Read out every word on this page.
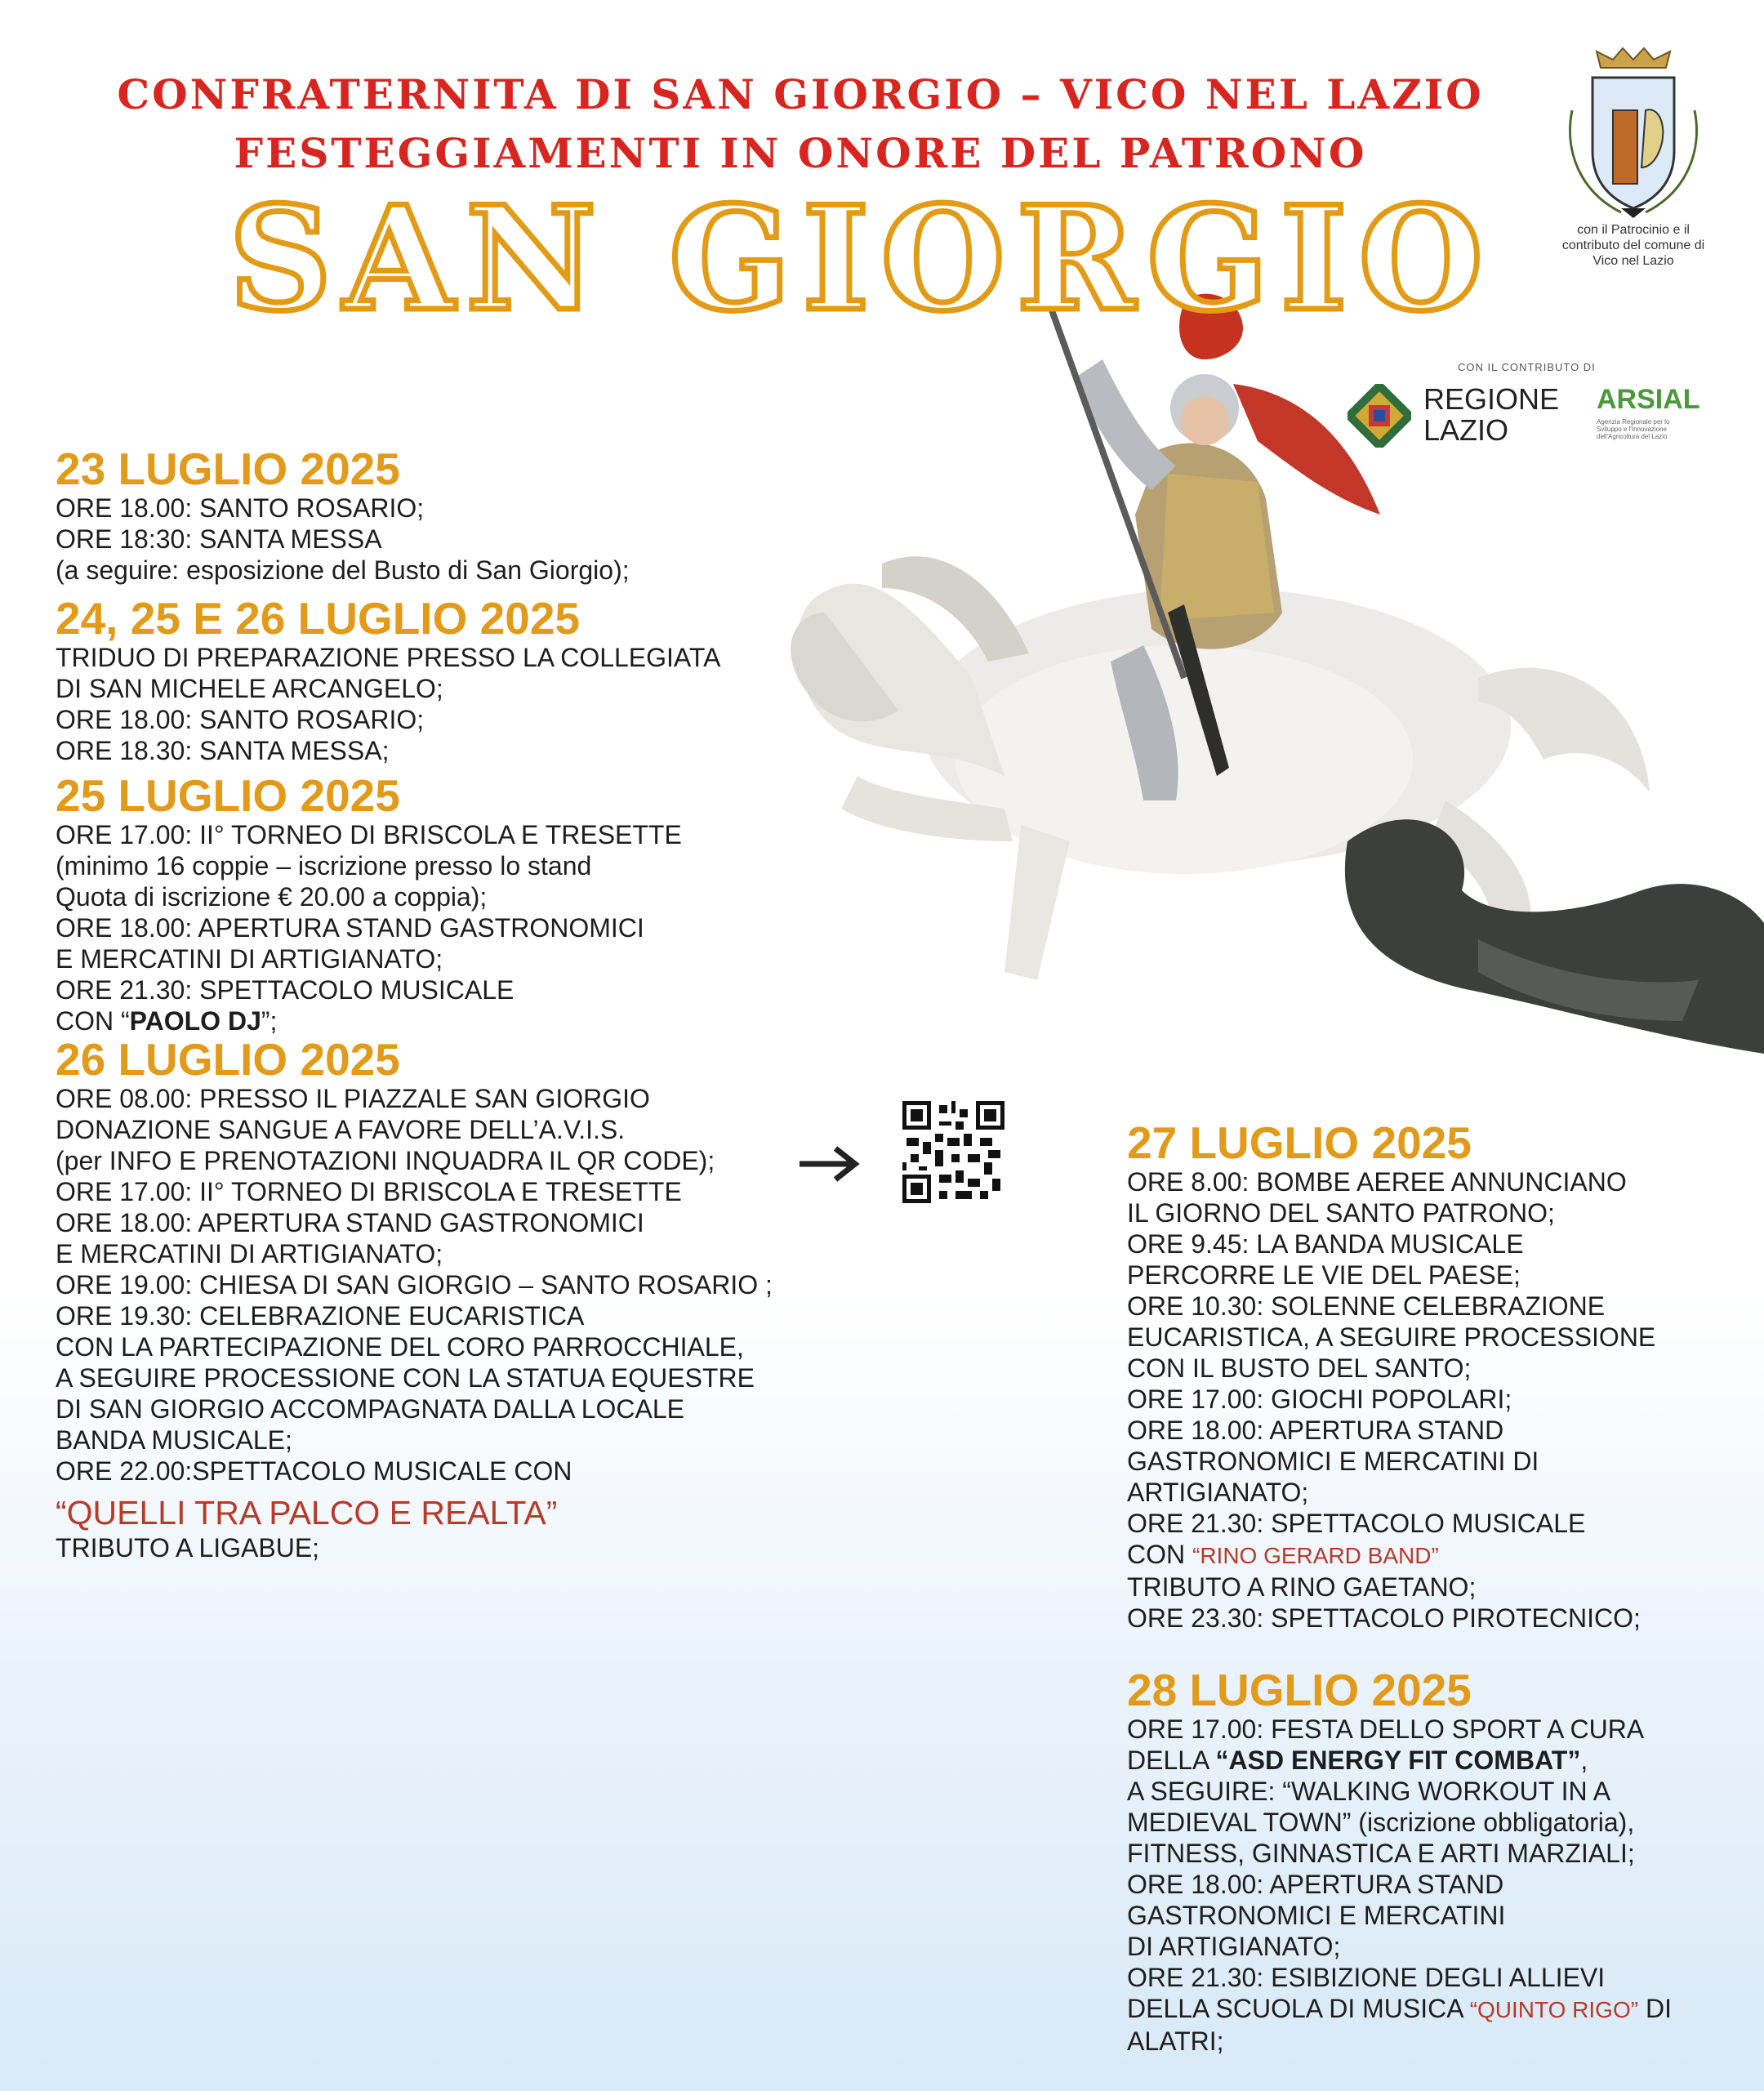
CONFRATERNITA DI SAN GIORGIO – VICO NEL LAZIO
FESTEGGIAMENTI IN ONORE DEL PATRONO
SAN GIORGIO	con il Patrocinio e il contributo del comune di Vico nel Lazio
CON IL CONTRIBUTO DI
REGIONE
LAZIO
ARSIAL
Agenzia Regionale per lo Sviluppo e l'Innovazione dell'Agricoltura del Lazio
23 LUGLIO 2025
ORE 18.00: SANTO ROSARIO;
ORE 18:30: SANTA MESSA
(a seguire: esposizione del Busto di San Giorgio);
24, 25 E 26 LUGLIO 2025
TRIDUO DI PREPARAZIONE PRESSO LA COLLEGIATA
DI SAN MICHELE ARCANGELO;
ORE 18.00: SANTO ROSARIO;
ORE 18.30: SANTA MESSA;
25 LUGLIO 2025
ORE 17.00: II° TORNEO DI BRISCOLA E TRESETTE
(minimo 16 coppie – iscrizione presso lo stand
Quota di iscrizione € 20.00 a coppia);
ORE 18.00: APERTURA STAND GASTRONOMICI
E MERCATINI DI ARTIGIANATO;
ORE 21.30: SPETTACOLO MUSICALE
CON “PAOLO DJ”;
26 LUGLIO 2025
ORE 08.00: PRESSO IL PIAZZALE SAN GIORGIO
DONAZIONE SANGUE A FAVORE DELL’A.V.I.S.
(per INFO E PRENOTAZIONI INQUADRA IL QR CODE);
ORE 17.00: II° TORNEO DI BRISCOLA E TRESETTE
ORE 18.00: APERTURA STAND GASTRONOMICI
E MERCATINI DI ARTIGIANATO;
ORE 19.00: CHIESA DI SAN GIORGIO – SANTO ROSARIO ;
ORE 19.30: CELEBRAZIONE EUCARISTICA
CON LA PARTECIPAZIONE DEL CORO PARROCCHIALE,
A SEGUIRE PROCESSIONE CON LA STATUA EQUESTRE
DI SAN GIORGIO ACCOMPAGNATA DALLA LOCALE
BANDA MUSICALE;
ORE 22.00:SPETTACOLO MUSICALE CON
“QUELLI TRA PALCO E REALTA”
TRIBUTO A LIGABUE;
27 LUGLIO 2025
ORE 8.00: BOMBE AEREE ANNUNCIANO
IL GIORNO DEL SANTO PATRONO;
ORE 9.45: LA BANDA MUSICALE
PERCORRE LE VIE DEL PAESE;
ORE 10.30: SOLENNE CELEBRAZIONE
EUCARISTICA, A SEGUIRE PROCESSIONE
CON IL BUSTO DEL SANTO;
ORE 17.00: GIOCHI POPOLARI;
ORE 18.00: APERTURA STAND
GASTRONOMICI E MERCATINI DI
ARTIGIANATO;
ORE 21.30: SPETTACOLO MUSICALE
CON “RINO GERARD BAND”
TRIBUTO A RINO GAETANO;
ORE 23.30: SPETTACOLO PIROTECNICO;
28 LUGLIO 2025
ORE 17.00: FESTA DELLO SPORT A CURA
DELLA “ASD ENERGY FIT COMBAT”,
A SEGUIRE: “WALKING WORKOUT IN A
MEDIEVAL TOWN” (iscrizione obbligatoria),
FITNESS, GINNASTICA E ARTI MARZIALI;
ORE 18.00: APERTURA STAND
GASTRONOMICI E MERCATINI
DI ARTIGIANATO;
ORE 21.30: ESIBIZIONE DEGLI ALLIEVI
DELLA SCUOLA DI MUSICA “QUINTO RIGO” DI
ALATRI;
